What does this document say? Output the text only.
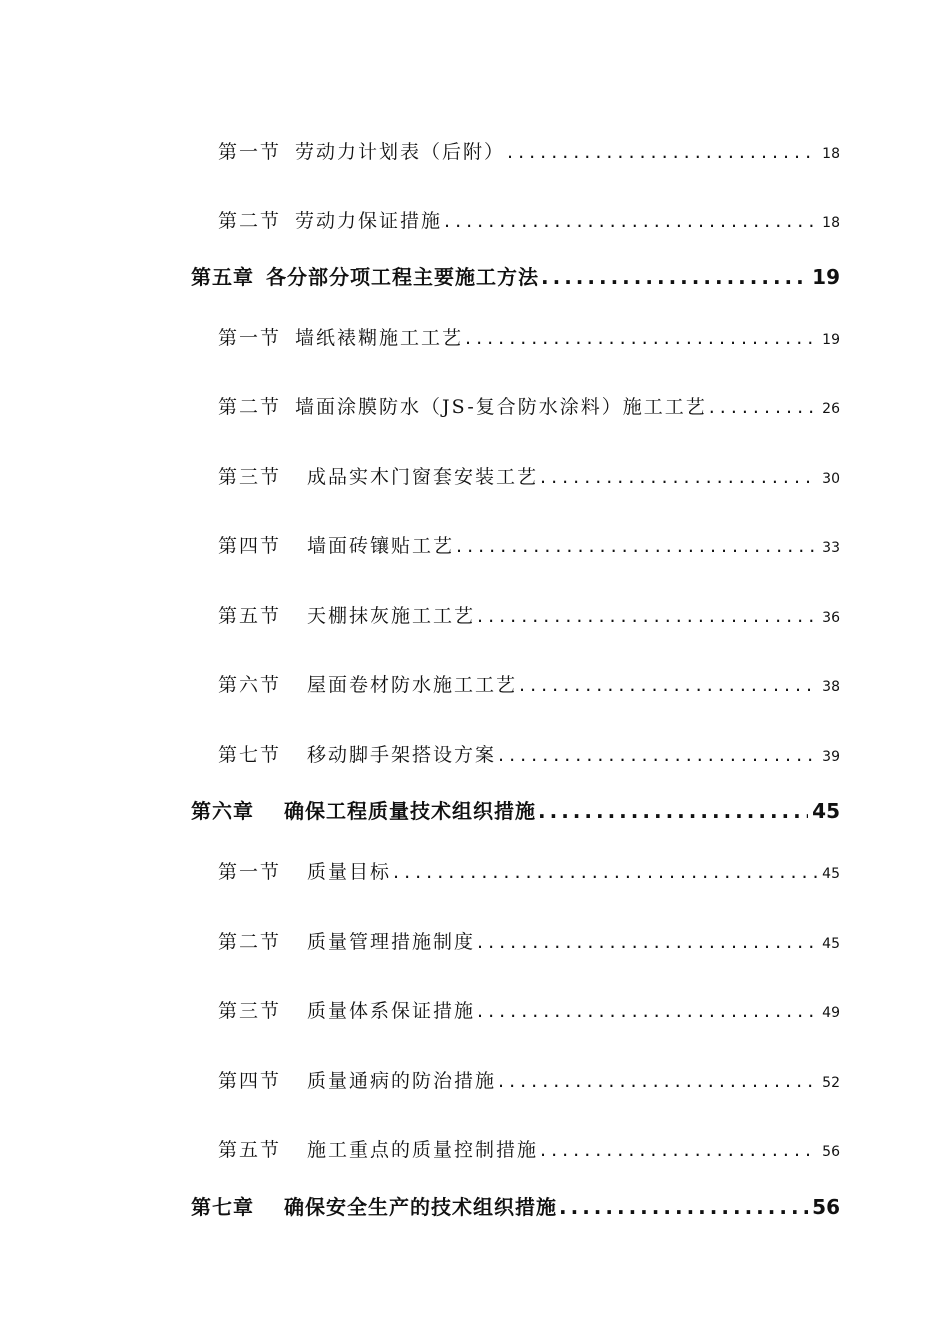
第一节 劳动力计划表（后附） .....	18
第二节 劳动力保证措施 .....	18
第五章 各分部分项工程主要施工方法 .....	19
第一节 墙纸裱糊施工工艺 .....	19
第二节 墙面涂膜防水（JS-复合防水涂料）施工工艺 .....	26
第三节 成品实木门窗套安装工艺 .....	30
第四节 墙面砖镶贴工艺 .....	33
第五节 天棚抹灰施工工艺 .....	36
第六节 屋面卷材防水施工工艺 .....	38
第七节 移动脚手架搭设方案 .....	39
第六章 确保工程质量技术组织措施 .....	45
第一节 质量目标 .....	45
第二节 质量管理措施制度 .....	45
第三节 质量体系保证措施 .....	49
第四节 质量通病的防治措施 .....	52
第五节 施工重点的质量控制措施 .....	56
第七章 确保安全生产的技术组织措施 .....	56
